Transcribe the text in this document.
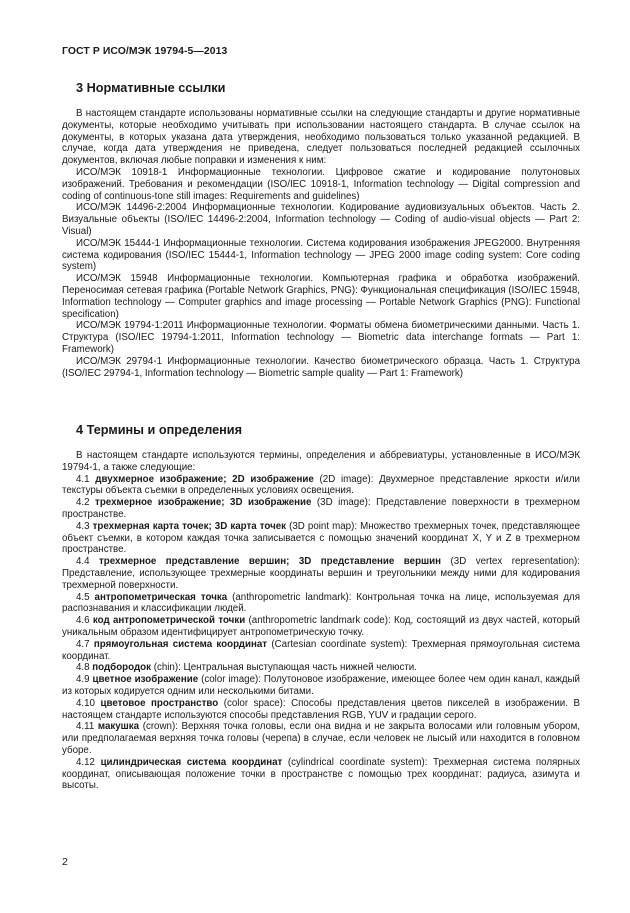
ГОСТ Р ИСО/МЭК 19794-5—2013
3 Нормативные ссылки

В настоящем стандарте использованы нормативные ссылки на следующие стандарты и другие нормативные документы, которые необходимо учитывать при использовании настоящего стандарта. В случае ссылок на документы, в которых указана дата утверждения, необходимо пользоваться только указанной редакцией. В случае, когда дата утверждения не приведена, следует пользоваться последней редакцией ссылочных документов, включая любые поправки и изменения к ним:

ИСО/МЭК 10918-1 Информационные технологии. Цифровое сжатие и кодирование полутоновых изображений. Требования и рекомендации (ISO/IEC 10918-1, Information technology — Digital compression and coding of continuous-tone still images: Requirements and guidelines)

ИСО/МЭК 14496-2:2004 Информационные технологии. Кодирование аудиовизуальных объектов. Часть 2. Визуальные объекты (ISO/IEC 14496-2:2004, Information technology — Coding of audio-visual objects — Part 2: Visual)

ИСО/МЭК 15444-1 Информационные технологии. Система кодирования изображения JPEG2000. Внутренняя система кодирования (ISO/IEC 15444-1, Information technology — JPEG 2000 image coding system: Core coding system)

ИСО/МЭК 15948 Информационные технологии. Компьютерная графика и обработка изображений. Переносимая сетевая графика (Portable Network Graphics, PNG): Функциональная спецификация (ISO/IEC 15948, Information technology — Computer graphics and image processing — Portable Network Graphics (PNG): Functional specification)

ИСО/МЭК 19794-1:2011 Информационные технологии. Форматы обмена биометрическими данными. Часть 1. Структура (ISO/IEC 19794-1:2011, Information technology — Biometric data interchange formats — Part 1: Framework)

ИСО/МЭК 29794-1 Информационные технологии. Качество биометрического образца. Часть 1. Структура (ISO/IEC 29794-1, Information technology — Biometric sample quality — Part 1: Framework)

4 Термины и определения

В настоящем стандарте используются термины, определения и аббревиатуры, установленные в ИСО/МЭК 19794-1, а также следующие:

4.1 двухмерное изображение; 2D изображение (2D image): Двухмерное представление яркости и/или текстуры объекта съемки в определенных условиях освещения.

4.2 трехмерное изображение; 3D изображение (3D image): Представление поверхности в трехмерном пространстве.

4.3 трехмерная карта точек; 3D карта точек (3D point map): Множество трехмерных точек, представляющее объект съемки, в котором каждая точка записывается с помощью значений координат X, Y и Z в трехмерном пространстве.

4.4 трехмерное представление вершин; 3D представление вершин (3D vertex representation): Представление, использующее трехмерные координаты вершин и треугольники между ними для кодирования трехмерной поверхности.

4.5 антропометрическая точка (anthropometric landmark): Контрольная точка на лице, используемая для распознавания и классификации людей.

4.6 код антропометрической точки (anthropometric landmark code): Код, состоящий из двух частей, который уникальным образом идентифицирует антропометрическую точку.

4.7 прямоугольная система координат (Cartesian coordinate system): Трехмерная прямоугольная система координат.

4.8 подбородок (chin): Центральная выступающая часть нижней челюсти.

4.9 цветное изображение (color image): Полутоновое изображение, имеющее более чем один канал, каждый из которых кодируется одним или несколькими битами.

4.10 цветовое пространство (color space): Способы представления цветов пикселей в изображении. В настоящем стандарте используются способы представления RGB, YUV и градации серого.

4.11 макушка (crown): Верхняя точка головы, если она видна и не закрыта волосами или головным убором, или предполагаемая верхняя точка головы (черепа) в случае, если человек не лысый или находится в головном уборе.

4.12 цилиндрическая система координат (cylindrical coordinate system): Трехмерная система полярных координат, описывающая положение точки в пространстве с помощью трех координат: радиуса, азимута и высоты.

2
